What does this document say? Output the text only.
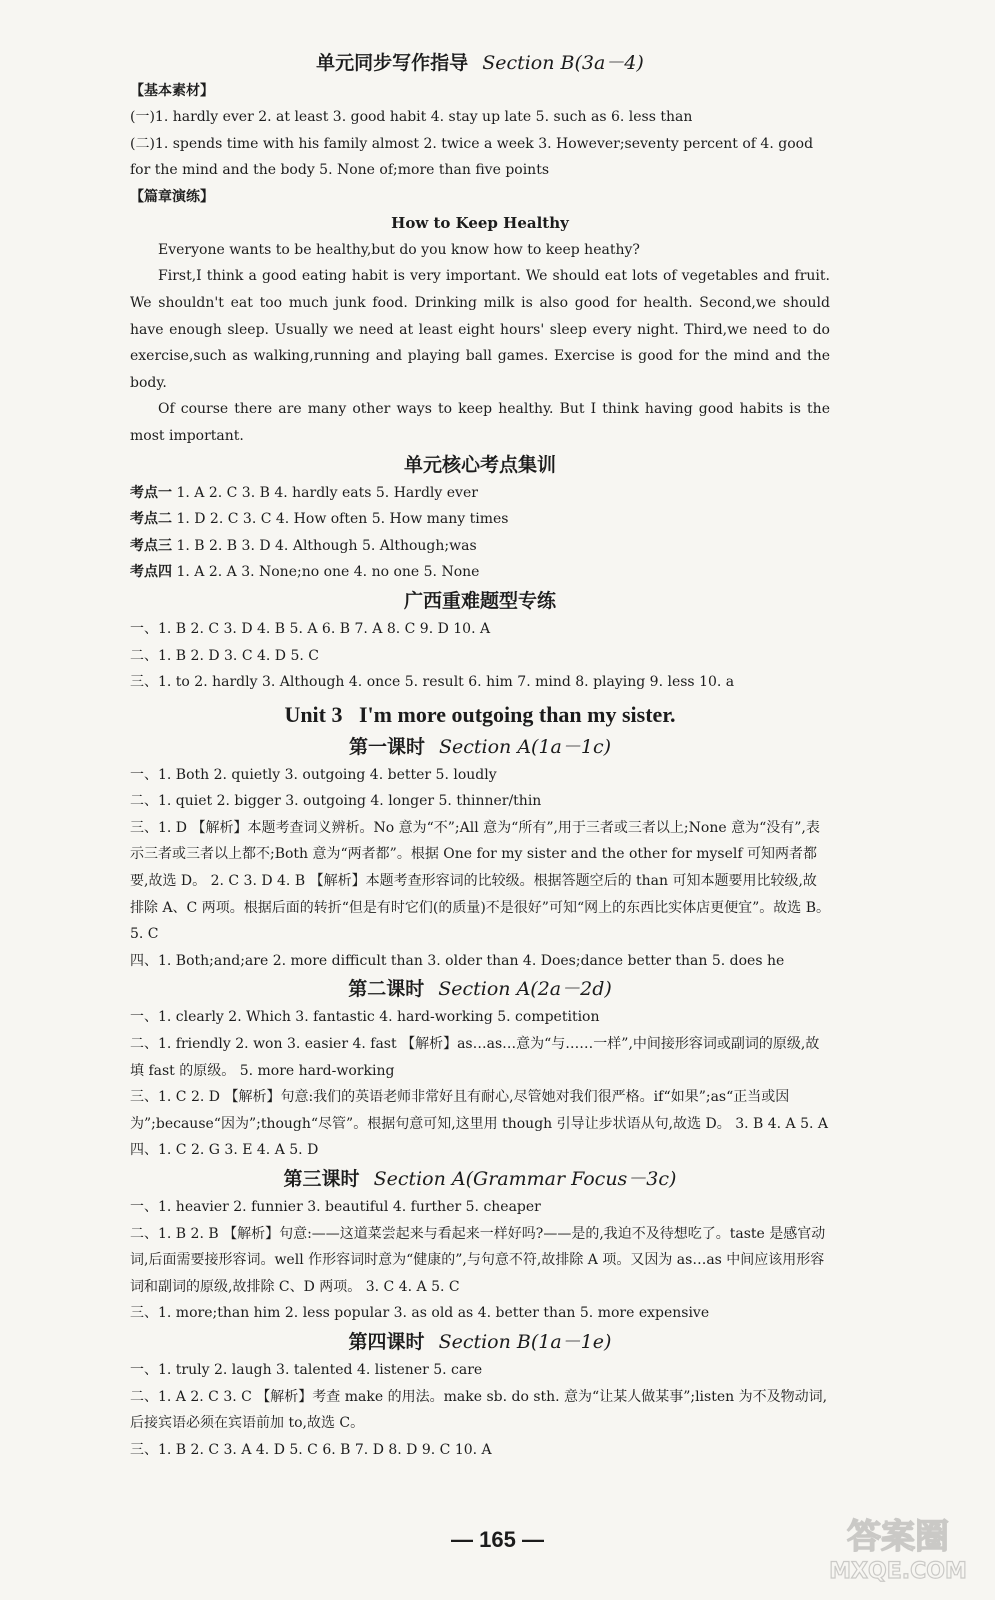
单元同步写作指导 Section B(3a－4)
【基本素材】
(一)1. hardly ever 2. at least 3. good habit 4. stay up late 5. such as 6. less than
(二)1. spends time with his family almost 2. twice a week 3. However;seventy percent of 4. good for the mind and the body 5. None of;more than five points
【篇章演练】
How to Keep Healthy
Everyone wants to be healthy,but do you know how to keep heathy?
First,I think a good eating habit is very important. We should eat lots of vegetables and fruit. We shouldn't eat too much junk food. Drinking milk is also good for health. Second,we should have enough sleep. Usually we need at least eight hours' sleep every night. Third,we need to do exercise,such as walking,running and playing ball games. Exercise is good for the mind and the body.
Of course there are many other ways to keep healthy. But I think having good habits is the most important.
单元核心考点集训
考点一 1. A 2. C 3. B 4. hardly eats 5. Hardly ever
考点二 1. D 2. C 3. C 4. How often 5. How many times
考点三 1. B 2. B 3. D 4. Although 5. Although;was
考点四 1. A 2. A 3. None;no one 4. no one 5. None
广西重难题型专练
一、1. B 2. C 3. D 4. B 5. A 6. B 7. A 8. C 9. D 10. A
二、1. B 2. D 3. C 4. D 5. C
三、1. to 2. hardly 3. Although 4. once 5. result 6. him 7. mind 8. playing 9. less 10. a
Unit 3 I'm more outgoing than my sister.
第一课时 Section A(1a－1c)
一、1. Both 2. quietly 3. outgoing 4. better 5. loudly
二、1. quiet 2. bigger 3. outgoing 4. longer 5. thinner/thin
三、1. D 【解析】本题考查词义辨析。No 意为“不”;All 意为“所有”,用于三者或三者以上;None 意为“没有”,表示三者或三者以上都不;Both 意为“两者都”。根据 One for my sister and the other for myself 可知两者都要,故选 D。 2. C 3. D 4. B 【解析】本题考查形容词的比较级。根据答题空后的 than 可知本题要用比较级,故排除 A、C 两项。根据后面的转折“但是有时它们(的质量)不是很好”可知“网上的东西比实体店更便宜”。故选 B。 5. C
四、1. Both;and;are 2. more difficult than 3. older than 4. Does;dance better than 5. does he
第二课时 Section A(2a－2d)
一、1. clearly 2. Which 3. fantastic 4. hard-working 5. competition
二、1. friendly 2. won 3. easier 4. fast 【解析】as…as…意为“与……一样”,中间接形容词或副词的原级,故填 fast 的原级。 5. more hard-working
三、1. C 2. D 【解析】句意:我们的英语老师非常好且有耐心,尽管她对我们很严格。if“如果”;as“正当或因为”;because“因为”;though“尽管”。根据句意可知,这里用 though 引导让步状语从句,故选 D。 3. B 4. A 5. A
四、1. C 2. G 3. E 4. A 5. D
第三课时 Section A(Grammar Focus－3c)
一、1. heavier 2. funnier 3. beautiful 4. further 5. cheaper
二、1. B 2. B 【解析】句意:——这道菜尝起来与看起来一样好吗?——是的,我迫不及待想吃了。taste 是感官动词,后面需要接形容词。well 作形容词时意为“健康的”,与句意不符,故排除 A 项。又因为 as…as 中间应该用形容词和副词的原级,故排除 C、D 两项。 3. C 4. A 5. C
三、1. more;than him 2. less popular 3. as old as 4. better than 5. more expensive
第四课时 Section B(1a－1e)
一、1. truly 2. laugh 3. talented 4. listener 5. care
二、1. A 2. C 3. C 【解析】考查 make 的用法。make sb. do sth. 意为“让某人做某事”;listen 为不及物动词,后接宾语必须在宾语前加 to,故选 C。
三、1. B 2. C 3. A 4. D 5. C 6. B 7. D 8. D 9. C 10. A
— 165 —	答案圈
MXQE.COM
